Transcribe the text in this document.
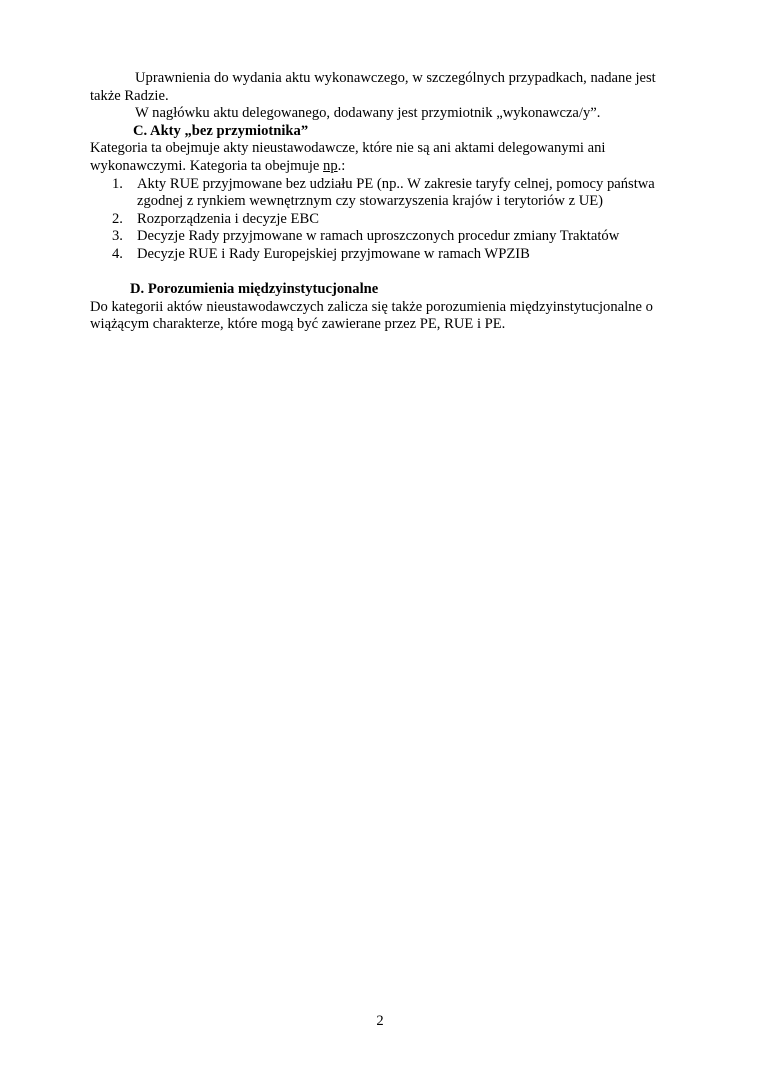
Uprawnienia do wydania aktu wykonawczego, w szczególnych przypadkach, nadane jest także Radzie.

W nagłówku aktu delegowanego, dodawany jest przymiotnik „wykonawcza/y”.

C. Akty „bez przymiotnika”

Kategoria ta obejmuje akty nieustawodawcze, które nie są ani aktami delegowanymi ani wykonawczymi. Kategoria ta obejmuje np.:

1. Akty RUE przyjmowane bez udziału PE (np.. W zakresie taryfy celnej, pomocy państwa zgodnej z rynkiem wewnętrznym czy stowarzyszenia krajów i terytoriów z UE)
2. Rozporządzenia i decyzje EBC
3. Decyzje Rady przyjmowane w ramach uproszczonych procedur zmiany Traktatów
4. Decyzje RUE i Rady Europejskiej przyjmowane w ramach WPZIB

D. Porozumienia międzyinstytucjonalne

Do kategorii aktów nieustawodawczych zalicza się także porozumienia międzyinstytucjonalne o wiążącym charakterze, które mogą być zawierane przez PE, RUE i PE.

2
